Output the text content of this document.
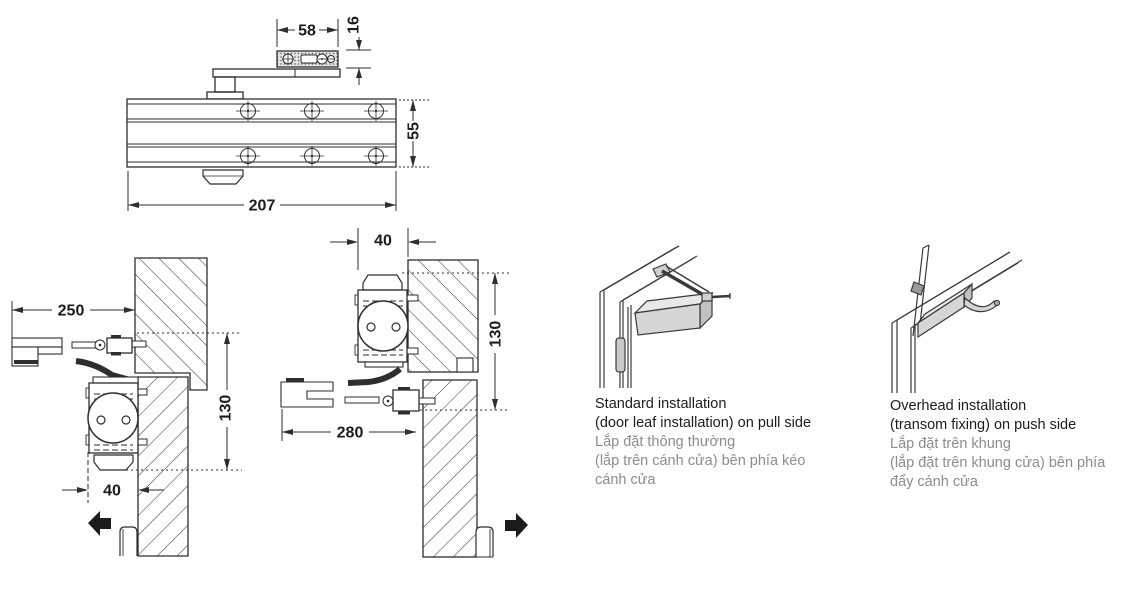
58 16
55
207
250
130
40
40
280
130
Standard installation
(door leaf installation) on pull side
Lắp đặt thông thường
(lắp trên cánh cửa) bên phía kéo
cánh cửa
Overhead installation
(transom fixing) on push side
Lắp đặt trên khung
(lắp đặt trên khung cửa) bên phía
đẩy cánh cửa
